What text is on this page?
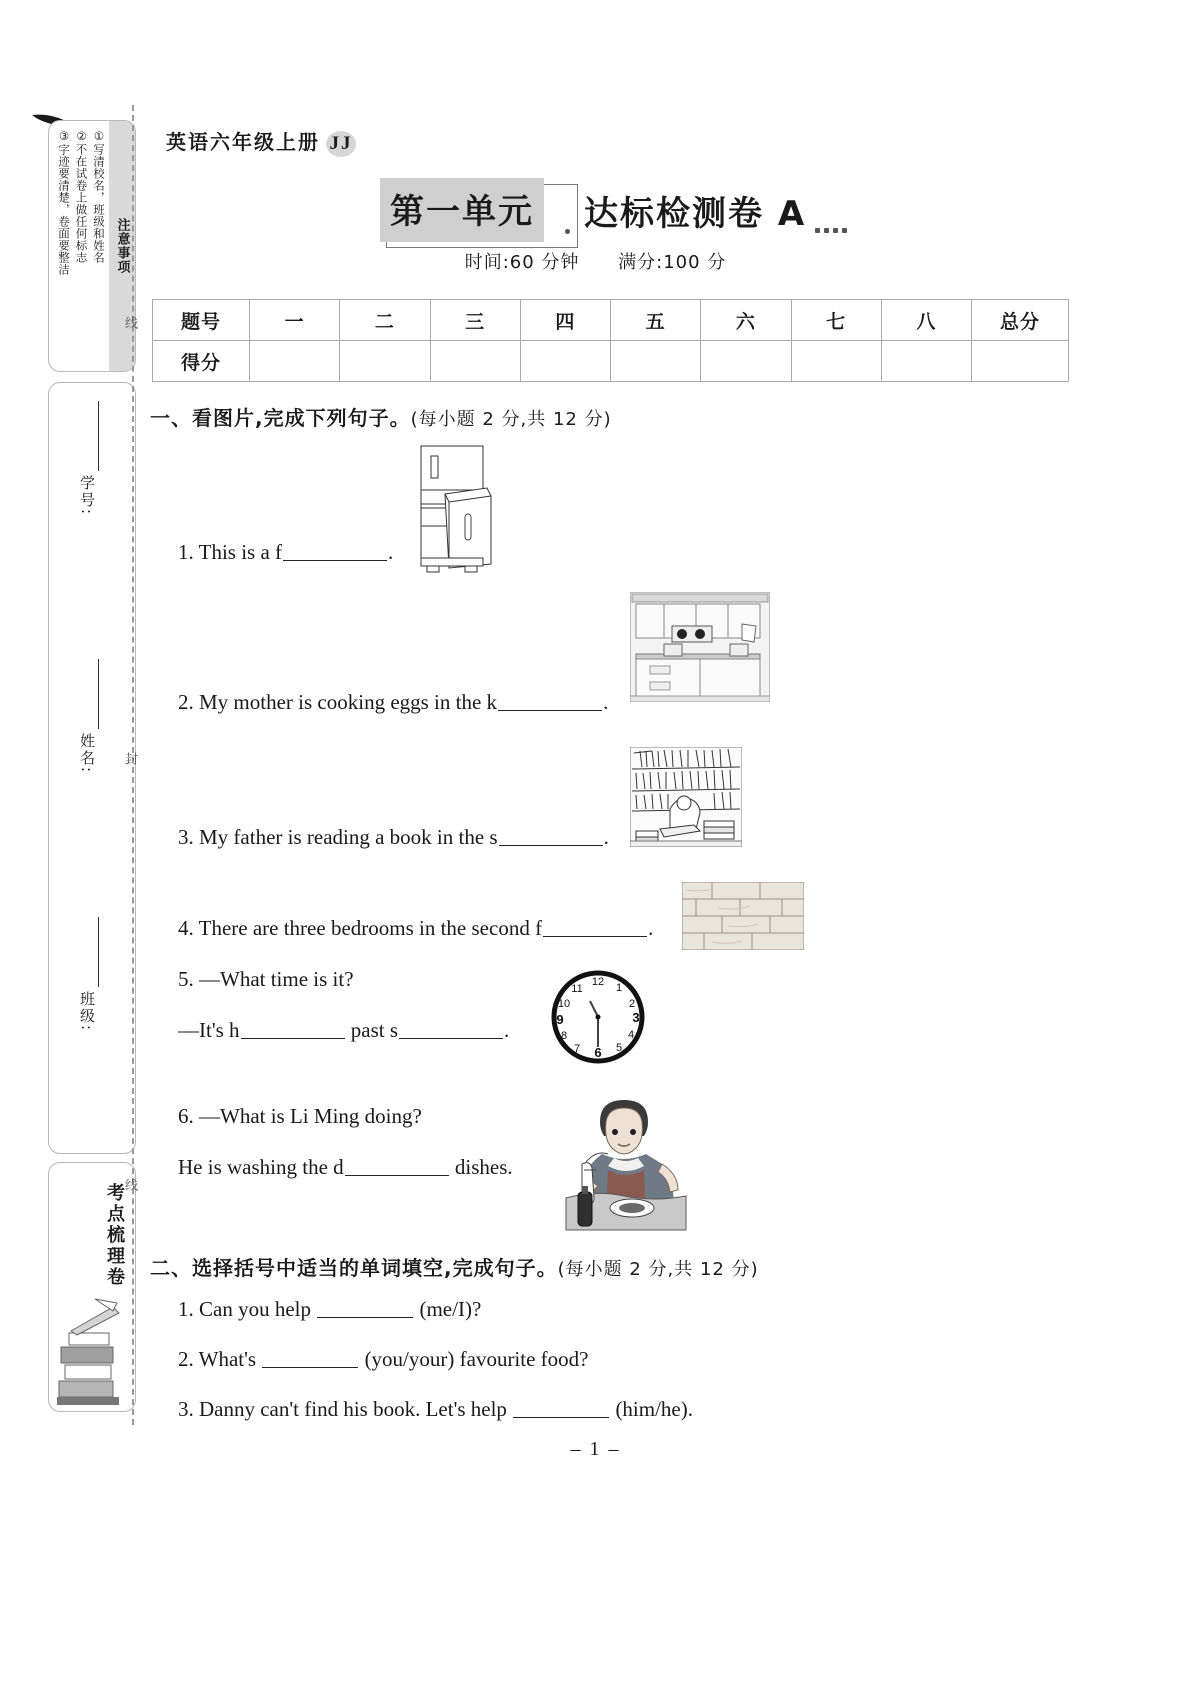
注意事项
①写清校名，班级和姓名
②不在试卷上做任何标志
③字迹要清楚，卷面要整洁
学号:
姓名:
班级:
考点梳理卷
线
封
线
英语六年级上册 JJ
第一单元 达标检测卷 A
时间:60 分钟 满分:100 分
题号	一	二	三	四	五	六	七	八	总分
得分									
一、看图片,完成下列句子。(每小题 2 分,共 12 分)
1. This is a f	.
2. My mother is cooking eggs in the k	.
3. My father is reading a book in the s	.
4. There are three bedrooms in the second f	.
12 1
2
3
4
5
6
7
8
9
10
11
5. —What time is it?
—It's h	past s	.
6. —What is Li Ming doing?
He is washing the d	dishes.
二、选择括号中适当的单词填空,完成句子。(每小题 2 分,共 12 分)
1. Can you help	(me/I)?
2. What's	(you/your) favourite food?
3. Danny can't find his book. Let's help	(him/he).
– 1 –
